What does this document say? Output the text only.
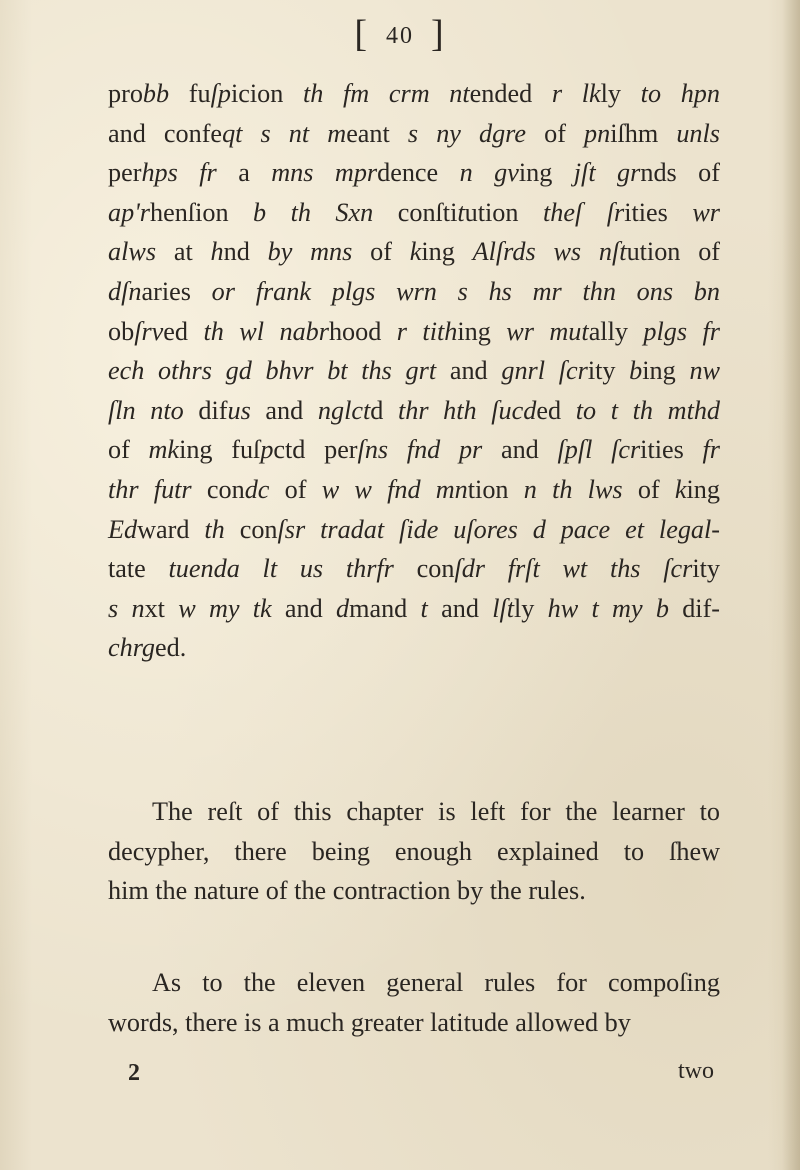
[ 40 ]
probb fuſpicion th fm crm ntended r lkly to hpn
and confeqt s nt meant s ny dgre of pniſhm unls
perhps fr a mns mprdence n gving jſt grnds of
ap'rhenſion b th Sxn conſtitution theſ ſrities wr
alws at hnd by mns of king Alſrds ws nſtution of
dſnaries or frank plgs wrn s hs mr thn ons bn
obſrved th wl nabrhood r tithing wr mutally plgs fr
ech othrs gd bhvr bt ths grt and gnrl ſcrity bing nw
ſln nto difus and nglctd thr hth ſucded to t th mthd
of mking fuſpctd perſns fnd pr and ſpſl ſcrities fr
thr futr condc of w w fnd mntion n th lws of king
Edward th conſsr tradat ſide uſores d pace et legal-
tate tuenda lt us thrfr conſdr frſt wt ths ſcrity
s nxt w my tk and dmand t and lſtly hw t my b dif-
chrged.
The reſt of this chapter is left for the learner to
decypher, there being enough explained to ſhew
him the nature of the contraction by the rules.
As to the eleven general rules for compoſing
words, there is a much greater latitude allowed by
2	two
